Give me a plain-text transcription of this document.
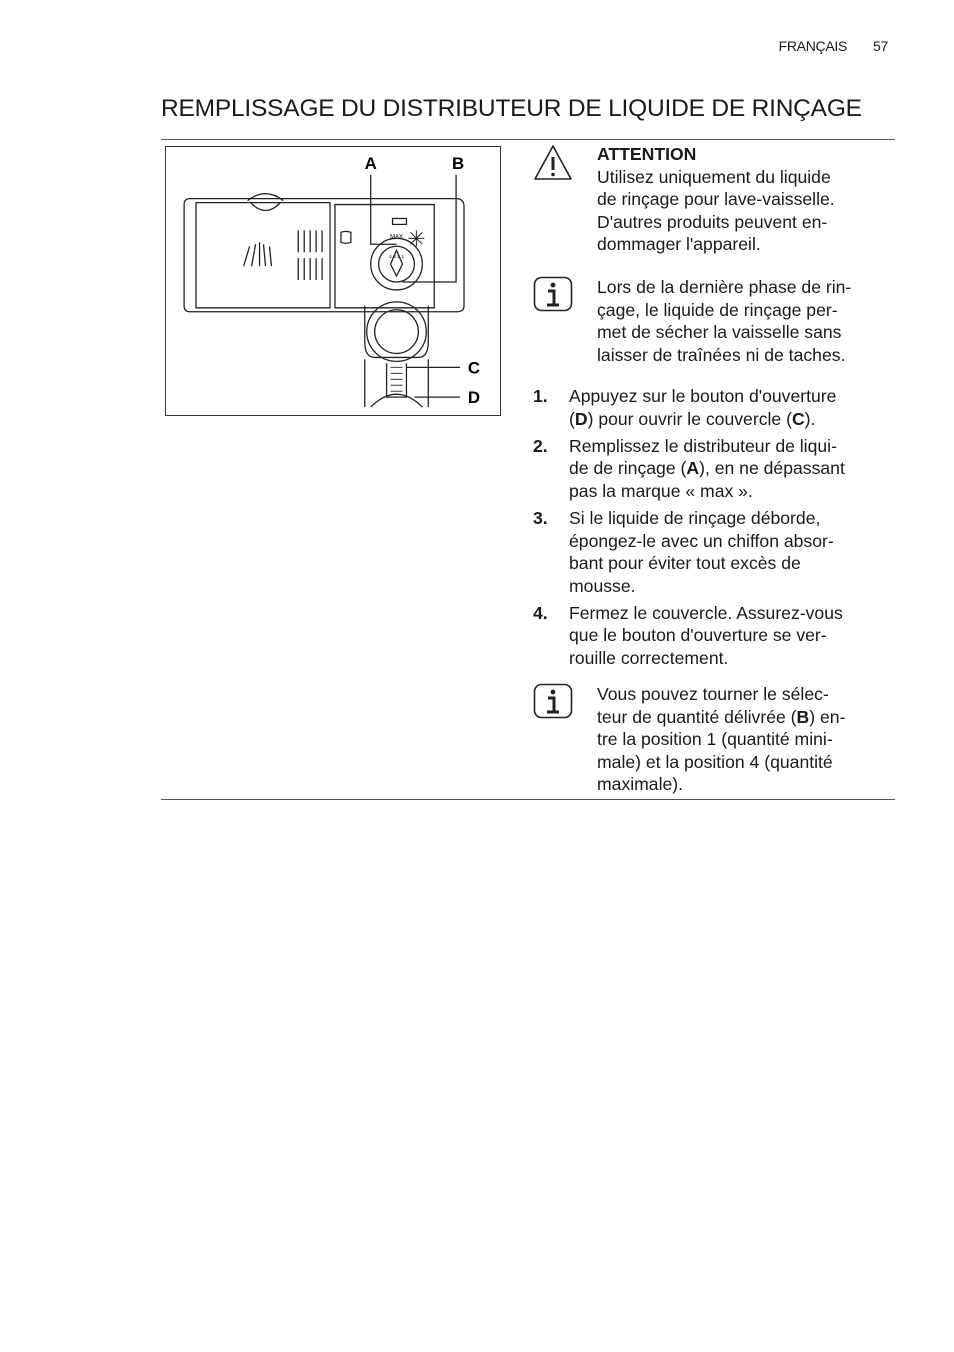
FRANÇAIS 57
REMPLISSAGE DU DISTRIBUTEUR DE LIQUIDE DE RINÇAGE
MAX
4 3 2 1
A	B
C
D
ATTENTION
Utilisez uniquement du liquide
de rinçage pour lave-vaisselle.
D'autres produits peuvent en-
dommager l'appareil.
Lors de la dernière phase de rin-
çage, le liquide de rinçage per-
met de sécher la vaisselle sans
laisser de traînées ni de taches.
1. Appuyez sur le bouton d'ouverture
(D) pour ouvrir le couvercle (C).
2. Remplissez le distributeur de liqui-
de de rinçage (A), en ne dépassant
pas la marque « max ».
3. Si le liquide de rinçage déborde,
épongez-le avec un chiffon absor-
bant pour éviter tout excès de
mousse.
4. Fermez le couvercle. Assurez-vous
que le bouton d'ouverture se ver-
rouille correctement.
Vous pouvez tourner le sélec-
teur de quantité délivrée (B) en-
tre la position 1 (quantité mini-
male) et la position 4 (quantité
maximale).
